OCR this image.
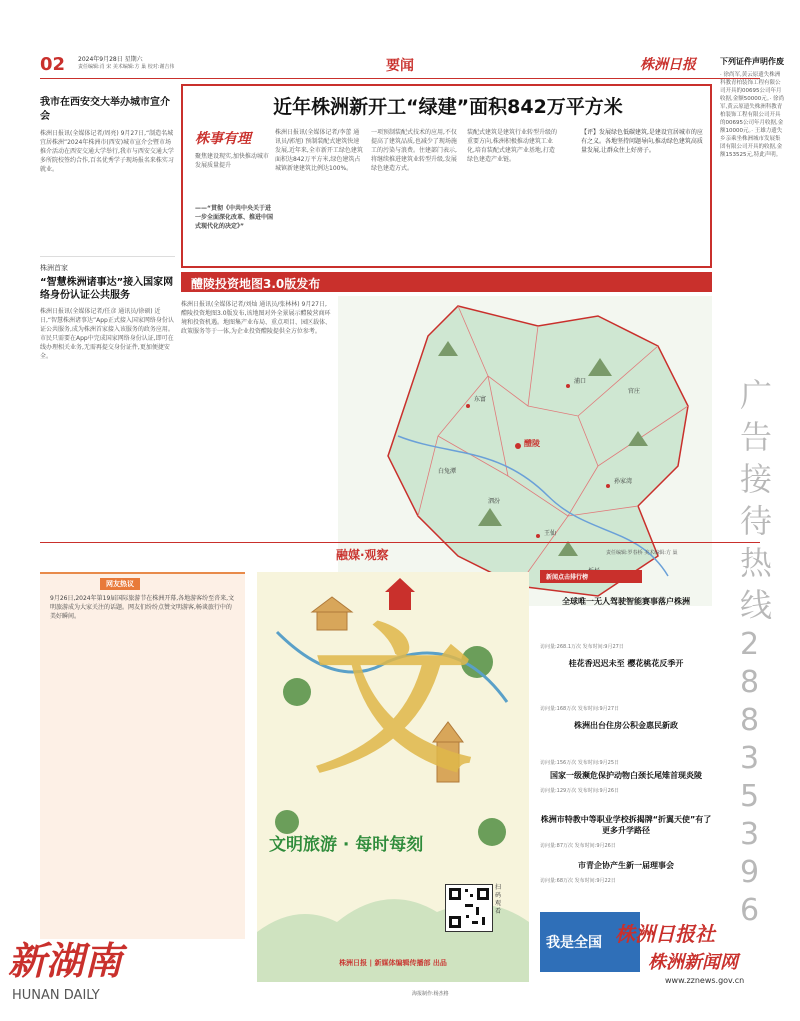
02 2024年9月28日 星期六
责任编辑:肖 宋 美术编辑:方 巢 校对:谢吉伟	要闻	株洲日报
我市在西安交大举办城市宣介会
株洲日报讯(全媒体记者/周亮) 9月27日,“制造名城 宜居株洲”2024年株洲市(西安)城市宣介会暨市场推介活动在西安交通大学举行,我市与西安交通大学多所院校签约合作,百名优秀学子现场报名来株实习就业。
株洲首家
“智慧株洲诸事达”接入国家网络身份认证公共服务
株洲日报讯(全媒体记者/任彦 通讯员/徐硕) 近日,“智慧株洲诸事达”App正式接入国家网络身份认证公共服务,成为株洲首家接入该服务的政务应用。市民只需要在App中完成国家网络身份认证,即可在线办理相关业务,无需再提交身份证件,更加便捷安全。
下列证件声明作废
· 徐尚军,黄云原遗失株洲科教青柏装饰工程有限公司开具的00695公司年月收据,金额50000元。· 徐尚军,黄云原遗失株洲科教青柏装饰工程有限公司开具的00695公司年月收据,金额10000元。· 王雄力遗失乡亲乘坐株洲城市发展集团有限公司开具的收据,金额153525元,特此声明。
广告接待热线
28835396
近年株洲新开工“绿建”面积842万平方米
株事有理
聚焦建设现实,加快推动城市发展质量提升
——“贯彻《中共中央关于进一步全面深化改革、推进中国式现代化的决定》”
株洲日报讯(全媒体记者/李蕾 通讯员/郭旭) 预制装配式建筑快速发展,近年来,全市新开工绿色建筑面积达842万平方米,绿色建筑占城镇新建建筑比例达100%。
一项预制装配式技术的应用,不仅提高了建筑品质,也减少了现场施工的污染与浪费。住建部门表示,将继续推进建筑业转型升级,发展绿色建造方式。
装配式建筑是建筑行业转型升级的重要方向,株洲积极推动建筑工业化,培育装配式建筑产业基地,打造绿色建造产业链。
【评】发展绿色低碳建筑,是建设宜居城市的应有之义。各地坚持问题导向,推动绿色建筑高质量发展,让群众住上好房子。
醴陵投资地图3.0版发布
株洲日报讯(全媒体记者/刘灿 通讯员/张林林) 9月27日,醴陵投资地图3.0版发布,该地图对外全景展示醴陵营商环境和投资机遇。地图集产业布局、重点项目、园区载体、政策服务等于一体,为企业投资醴陵提供全方位参考。
醴陵
东富
浦口
孙家湾
王仙
白兔潭
泗汾
官庄
融媒·观察	责任编辑:罗春桥 美术编辑:方 巢
网友热议
9月26日,2024年第19届国际旅游节在株洲开幕,各地游客纷至沓来,文明旅游成为大家关注的话题。网友们纷纷点赞文明游客,畅谈旅行中的美好瞬间。	文
文明旅游 · 每时每刻
扫码观看
株洲日报 | 新媒体编辑传播部 出品
海报制作:杨杰格
新闻点击排行榜
全球唯一无人驾驶智能赛事落户株洲
访问量:268.1万次 发布时间:9月27日
桂花香迟迟未至 樱花桃花反季开
访问量:168万次 发布时间:9月27日
株洲出台住房公积金惠民新政
访问量:156万次 发布时间:9月25日
国家一级濒危保护动物白颈长尾雉首现炎陵
访问量:129万次 发布时间:9月26日
株洲市特教中等职业学校拆揭牌“折翼天使”有了更多升学路径
访问量:87万次 发布时间:9月26日
市青企协产生新一届理事会
访问量:68万次 发布时间:9月22日
我是全国
新湖南
HUNAN DAILY
株洲日报社
株洲新闻网
www.zznews.gov.cn
